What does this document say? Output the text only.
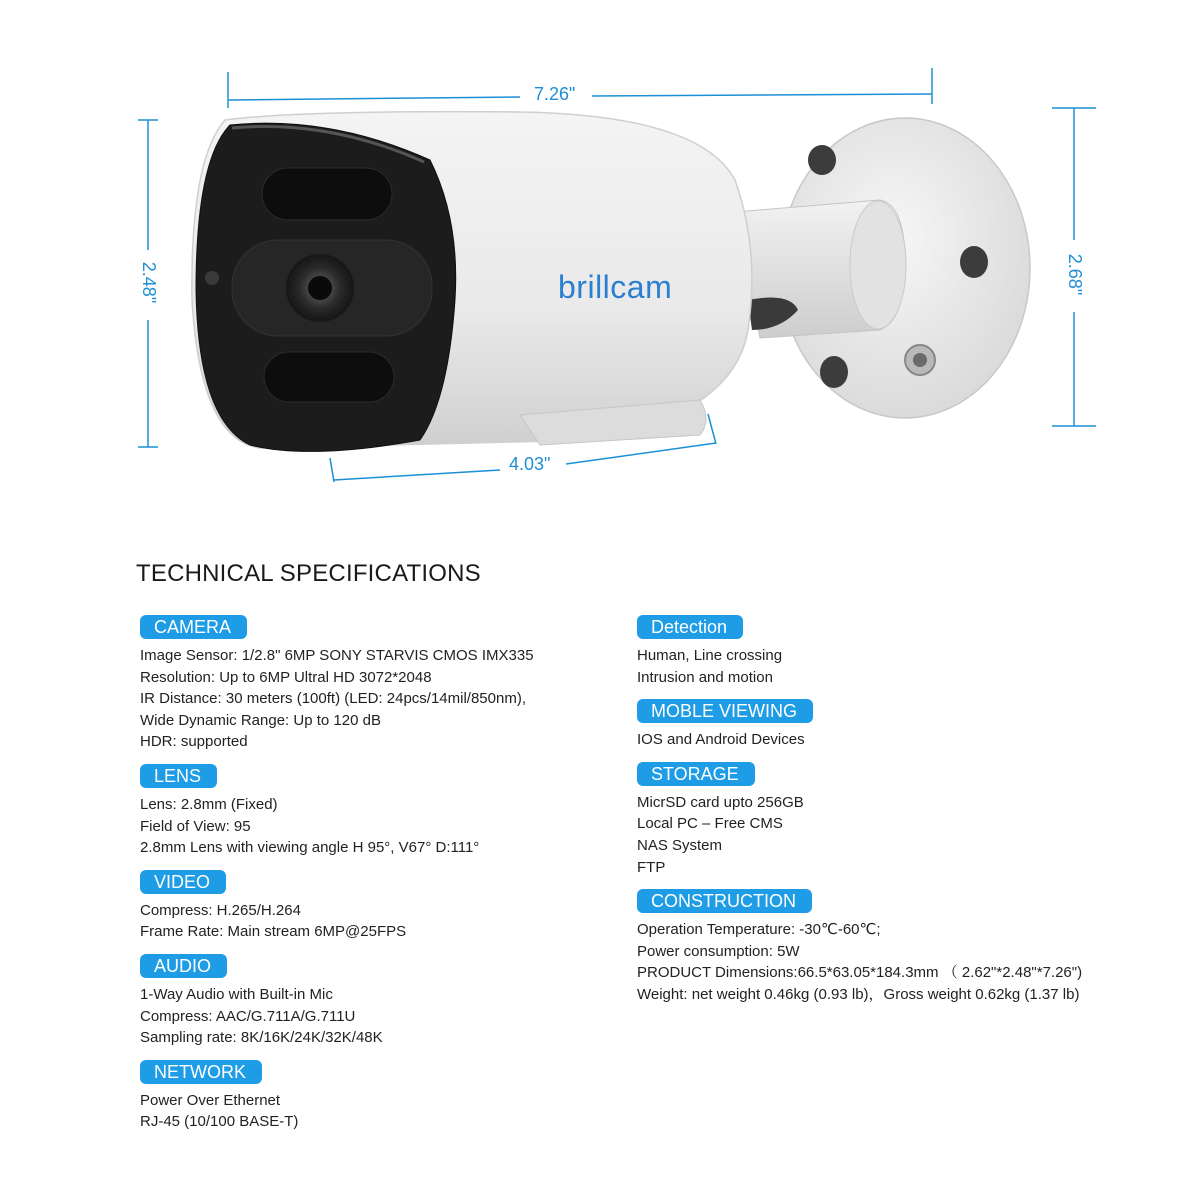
brillcam
7.26"
2.48"	2.68"
4.03"
TECHNICAL SPECIFICATIONS
CAMERA
Image Sensor: 1/2.8" 6MP SONY STARVIS CMOS IMX335
Resolution: Up to 6MP Ultral HD 3072*2048
IR Distance: 30 meters (100ft) (LED: 24pcs/14mil/850nm),
Wide Dynamic Range: Up to 120 dB
HDR: supported
LENS
Lens: 2.8mm (Fixed)
Field of View: 95
2.8mm Lens with viewing angle H 95°, V67° D:111°
VIDEO
Compress: H.265/H.264
Frame Rate: Main stream 6MP@25FPS
AUDIO
1-Way Audio with Built-in Mic
Compress: AAC/G.711A/G.711U
Sampling rate: 8K/16K/24K/32K/48K
NETWORK
Power Over Ethernet
RJ-45 (10/100 BASE-T)
Detection
Human, Line crossing
Intrusion and motion
MOBLE VIEWING
IOS and Android Devices
STORAGE
MicrSD card upto 256GB
Local PC – Free CMS
NAS System
FTP
CONSTRUCTION
Operation Temperature: -30℃-60℃;
Power consumption: 5W
PRODUCT Dimensions:66.5*63.05*184.3mm （ 2.62"*2.48"*7.26")
Weight: net weight 0.46kg (0.93 lb)，Gross weight 0.62kg (1.37 lb)
